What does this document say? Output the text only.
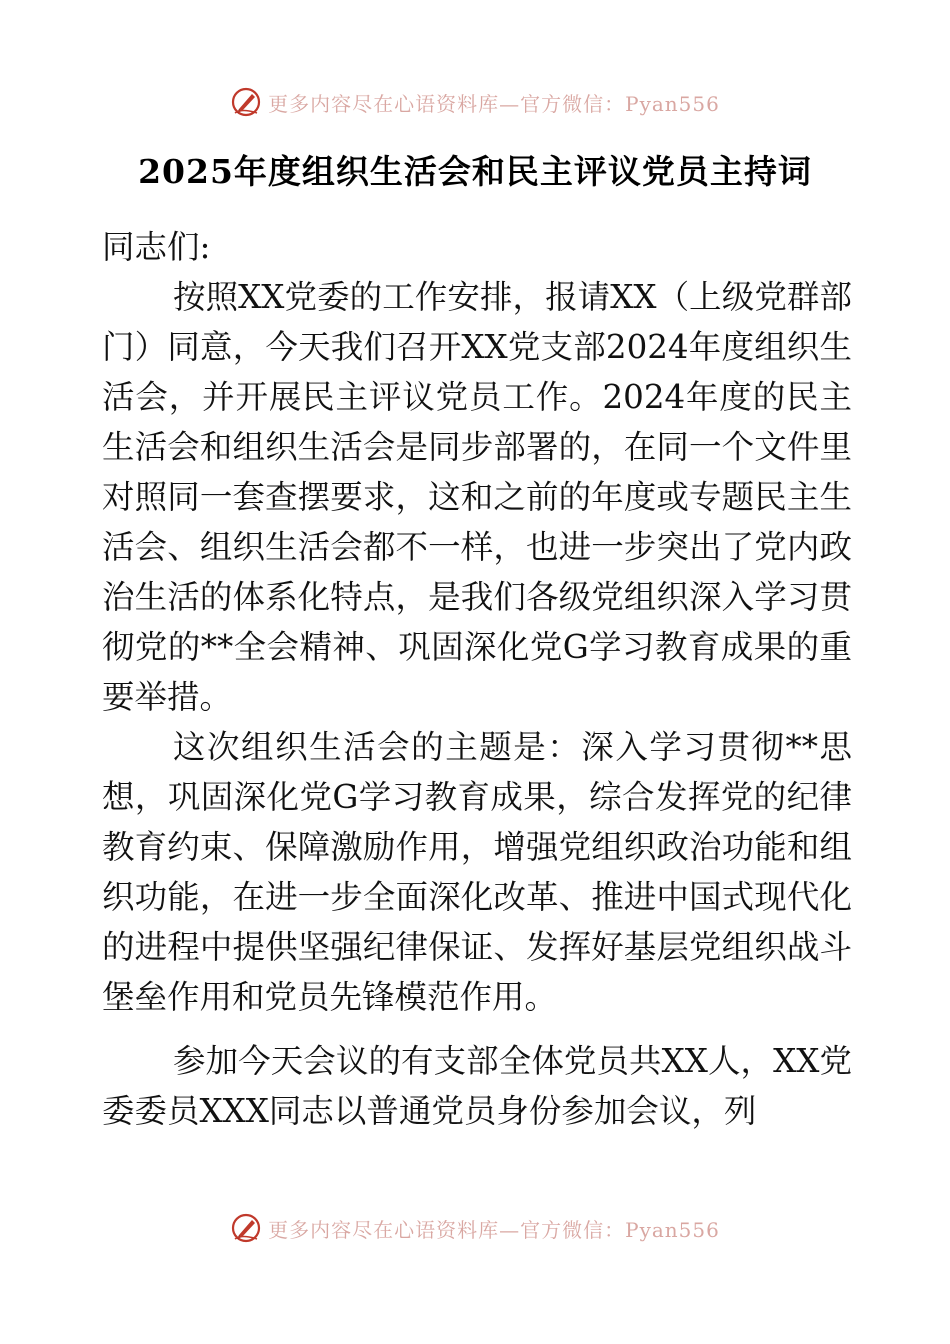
更多内容尽在心语资料库—官方微信：Pyan556
2025年度组织生活会和民主评议党员主持词

同志们:

按照XX党委的工作安排，报请XX（上级党群部门）同意，今天我们召开XX党支部2024年度组织生活会，并开展民主评议党员工作。2024年度的民主生活会和组织生活会是同步部署的，在同一个文件里对照同一套查摆要求，这和之前的年度或专题民主生活会、组织生活会都不一样，也进一步突出了党内政治生活的体系化特点，是我们各级党组织深入学习贯彻党的**全会精神、巩固深化党G学习教育成果的重要举措。

这次组织生活会的主题是：深入学习贯彻**思想，巩固深化党G学习教育成果，综合发挥党的纪律教育约束、保障激励作用，增强党组织政治功能和组织功能，在进一步全面深化改革、推进中国式现代化的进程中提供坚强纪律保证、发挥好基层党组织战斗堡垒作用和党员先锋模范作用。

参加今天会议的有支部全体党员共XX人，XX党委委员XXX同志以普通党员身份参加会议，列

更多内容尽在心语资料库—官方微信：Pyan556
